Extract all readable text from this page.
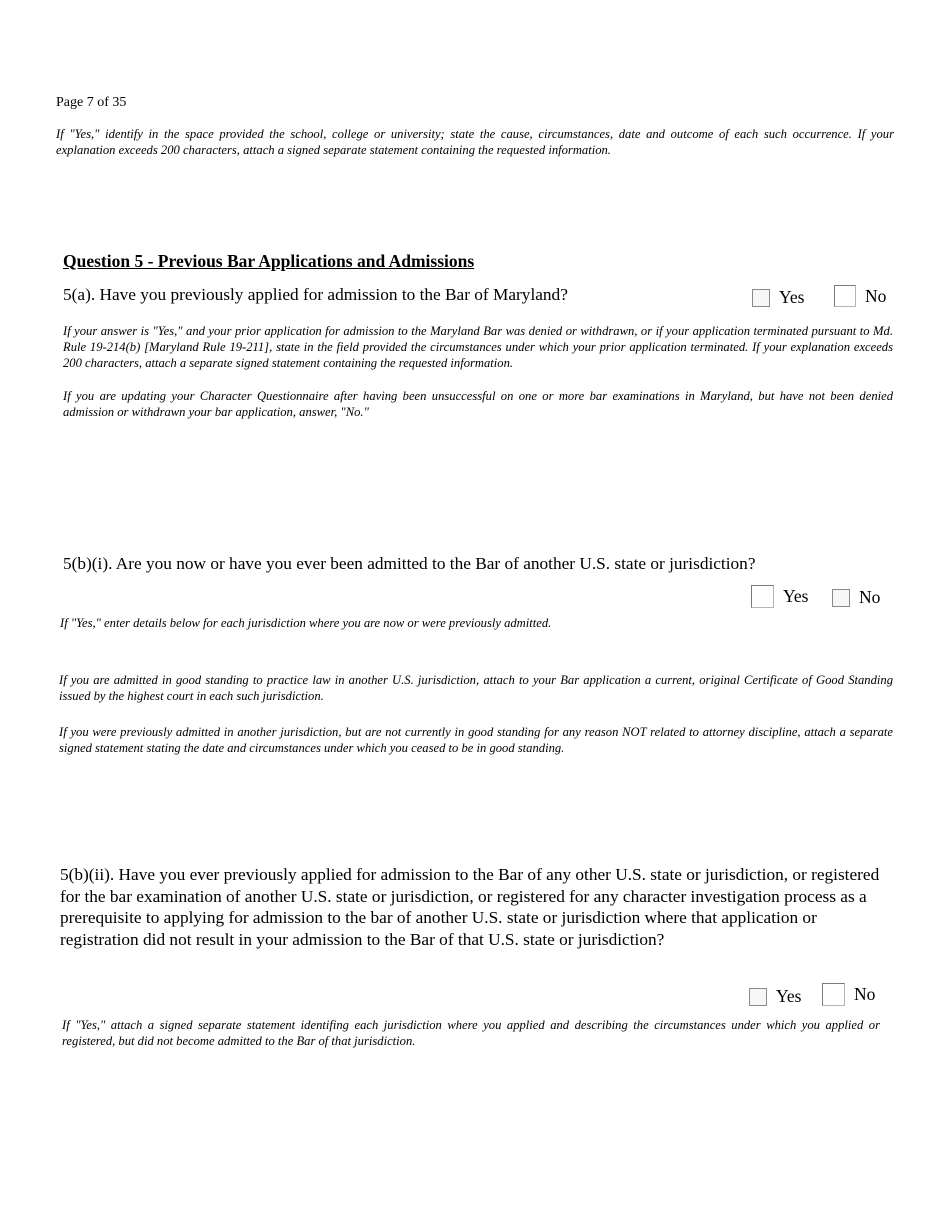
Page 7 of 35

If "Yes," identify in the space provided the school, college or university; state the cause, circumstances, date and outcome of each such occurrence. If your explanation exceeds 200 characters, attach a signed separate statement containing the requested information.

Question 5 - Previous Bar Applications and Admissions

5(a). Have you previously applied for admission to the Bar of Maryland?	Yes	No

If your answer is "Yes," and your prior application for admission to the Maryland Bar was denied or withdrawn, or if your application terminated pursuant to Md. Rule 19-214(b) [Maryland Rule 19-211], state in the field provided the circumstances under which your prior application terminated. If your explanation exceeds 200 characters, attach a separate signed statement containing the requested information.

If you are updating your Character Questionnaire after having been unsuccessful on one or more bar examinations in Maryland, but have not been denied admission or withdrawn your bar application, answer, "No."

5(b)(i). Are you now or have you ever been admitted to the Bar of another U.S. state or jurisdiction?

Yes	No

If "Yes," enter details below for each jurisdiction where you are now or were previously admitted.

If you are admitted in good standing to practice law in another U.S. jurisdiction, attach to your Bar application a current, original Certificate of Good Standing issued by the highest court in each such jurisdiction.

If you were previously admitted in another jurisdiction, but are not currently in good standing for any reason NOT related to attorney discipline, attach a separate signed statement stating the date and circumstances under which you ceased to be in good standing.

5(b)(ii). Have you ever previously applied for admission to the Bar of any other U.S. state or jurisdiction, or registered for the bar examination of another U.S. state or jurisdiction, or registered for any character investigation process as a prerequisite to applying for admission to the bar of another U.S. state or jurisdiction where that application or registration did not result in your admission to the Bar of that U.S. state or jurisdiction?

Yes	No

If "Yes," attach a signed separate statement identifing each jurisdiction where you applied and describing the circumstances under which you applied or registered, but did not become admitted to the Bar of that jurisdiction.
